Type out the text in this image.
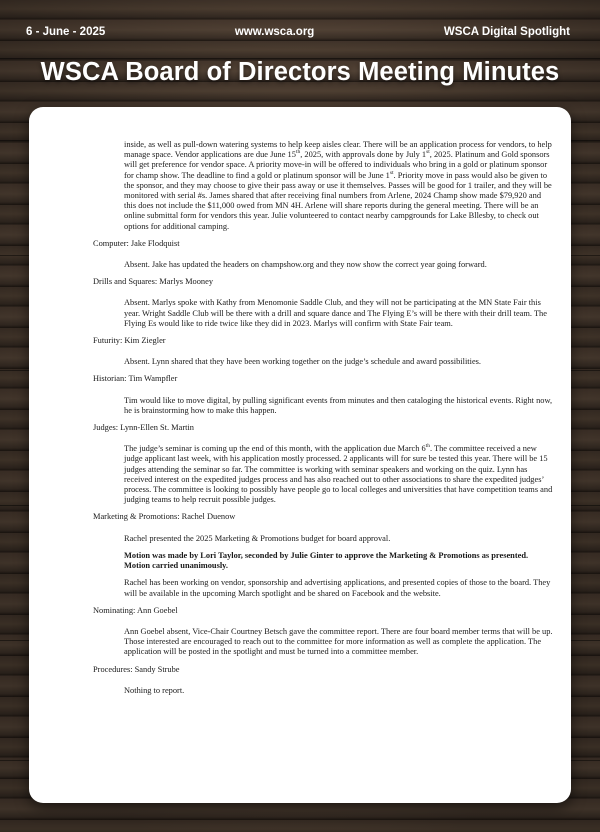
6 - June - 2025	www.wsca.org	WSCA Digital Spotlight
WSCA Board of Directors Meeting Minutes

inside, as well as pull-down watering systems to help keep aisles clear. There will be an application process for vendors, to help manage space. Vendor applications are due June 15th, 2025, with approvals done by July 1st, 2025. Platinum and Gold sponsors will get preference for vendor space. A priority move-in will be offered to individuals who bring in a gold or platinum sponsor for champ show. The deadline to find a gold or platinum sponsor will be June 1st. Priority move in pass would also be given to the sponsor, and they may choose to give their pass away or use it themselves. Passes will be good for 1 trailer, and they will be monitored with serial #s. James shared that after receiving final numbers from Arlene, 2024 Champ show made $79,920 and this does not include the $11,000 owed from MN 4H. Arlene will share reports during the general meeting. There will be an online submittal form for vendors this year. Julie volunteered to contact nearby campgrounds for Lake Bllesby, to check out options for additional camping.

Computer: Jake Flodquist

Absent. Jake has updated the headers on champshow.org and they now show the correct year going forward.

Drills and Squares: Marlys Mooney

Absent. Marlys spoke with Kathy from Menomonie Saddle Club, and they will not be participating at the MN State Fair this year. Wright Saddle Club will be there with a drill and square dance and The Flying E’s will be there with their drill team. The Flying Es would like to ride twice like they did in 2023. Marlys will confirm with State Fair team.

Futurity: Kim Ziegler

Absent. Lynn shared that they have been working together on the judge’s schedule and award possibilities.

Historian: Tim Wampfler

Tim would like to move digital, by pulling significant events from minutes and then cataloging the historical events. Right now, he is brainstorming how to make this happen.

Judges: Lynn-Ellen St. Martin

The judge’s seminar is coming up the end of this month, with the application due March 6th. The committee received a new judge applicant last week, with his application mostly processed. 2 applicants will for sure be tested this year. There will be 15 judges attending the seminar so far. The committee is working with seminar speakers and working on the quiz. Lynn has received interest on the expedited judges process and has also reached out to other associations to share the expedited judges’ process. The committee is looking to possibly have people go to local colleges and universities that have competition teams and judging teams to help recruit possible judges.

Marketing & Promotions: Rachel Duenow

Rachel presented the 2025 Marketing & Promotions budget for board approval.

Motion was made by Lori Taylor, seconded by Julie Ginter to approve the Marketing & Promotions as presented. Motion carried unanimously.

Rachel has been working on vendor, sponsorship and advertising applications, and presented copies of those to the board. They will be available in the upcoming March spotlight and be shared on Facebook and the website.

Nominating: Ann Goebel

Ann Goebel absent, Vice-Chair Courtney Betsch gave the committee report. There are four board member terms that will be up. Those interested are encouraged to reach out to the committee for more information as well as complete the application. The application will be posted in the spotlight and must be turned into a committee member.

Procedures: Sandy Strube

Nothing to report.
